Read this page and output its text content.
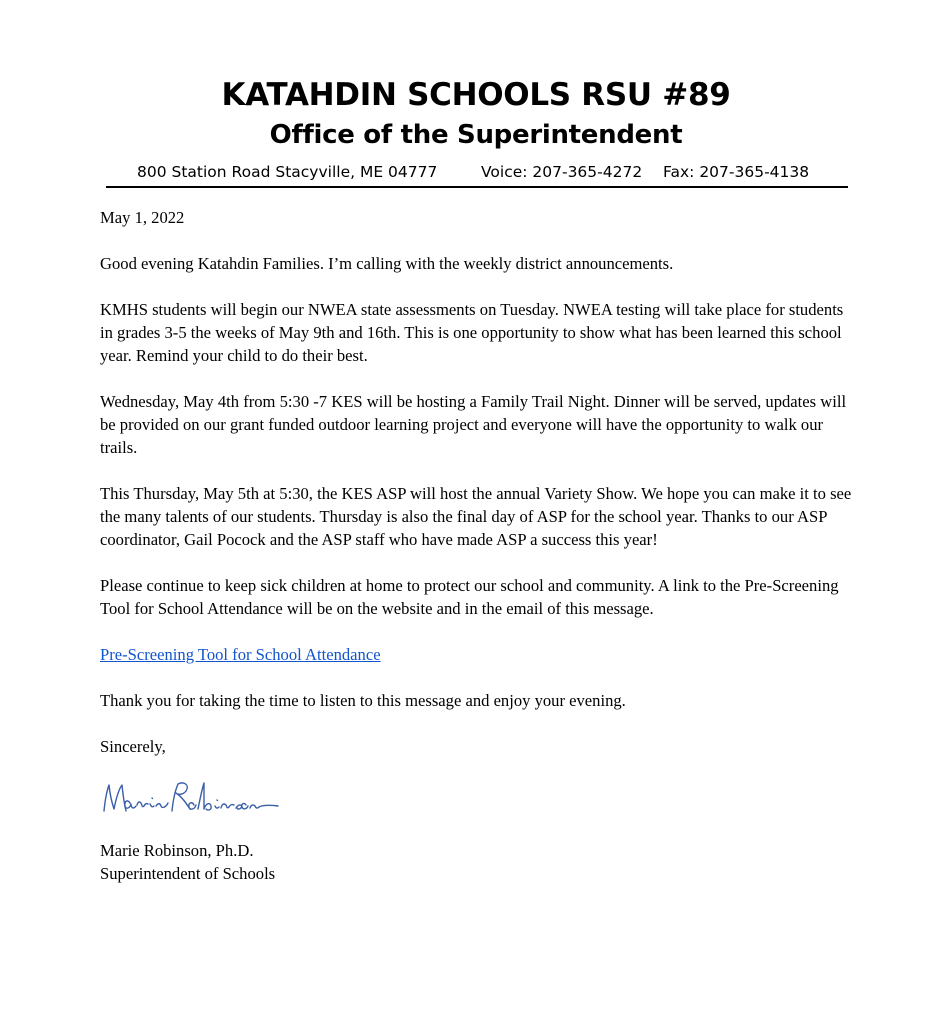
KATAHDIN SCHOOLS RSU #89
Office of the Superintendent
800 Station Road Stacyville, ME 04777	Voice: 207-365-4272 Fax: 207-365-4138

May 1, 2022

Good evening Katahdin Families. I’m calling with the weekly district announcements.

KMHS students will begin our NWEA state assessments on Tuesday. NWEA testing will take place for students in grades 3-5 the weeks of May 9th and 16th. This is one opportunity to show what has been learned this school year. Remind your child to do their best.

Wednesday, May 4th from 5:30 -7 KES will be hosting a Family Trail Night. Dinner will be served, updates will be provided on our grant funded outdoor learning project and everyone will have the opportunity to walk our trails.

This Thursday, May 5th at 5:30, the KES ASP will host the annual Variety Show. We hope you can make it to see the many talents of our students. Thursday is also the final day of ASP for the school year. Thanks to our ASP coordinator, Gail Pocock and the ASP staff who have made ASP a success this year!

Please continue to keep sick children at home to protect our school and community. A link to the Pre-Screening Tool for School Attendance will be on the website and in the email of this message.

Pre-Screening Tool for School Attendance

Thank you for taking the time to listen to this message and enjoy your evening.

Sincerely,

Marie Robinson, Ph.D.

Superintendent of Schools
